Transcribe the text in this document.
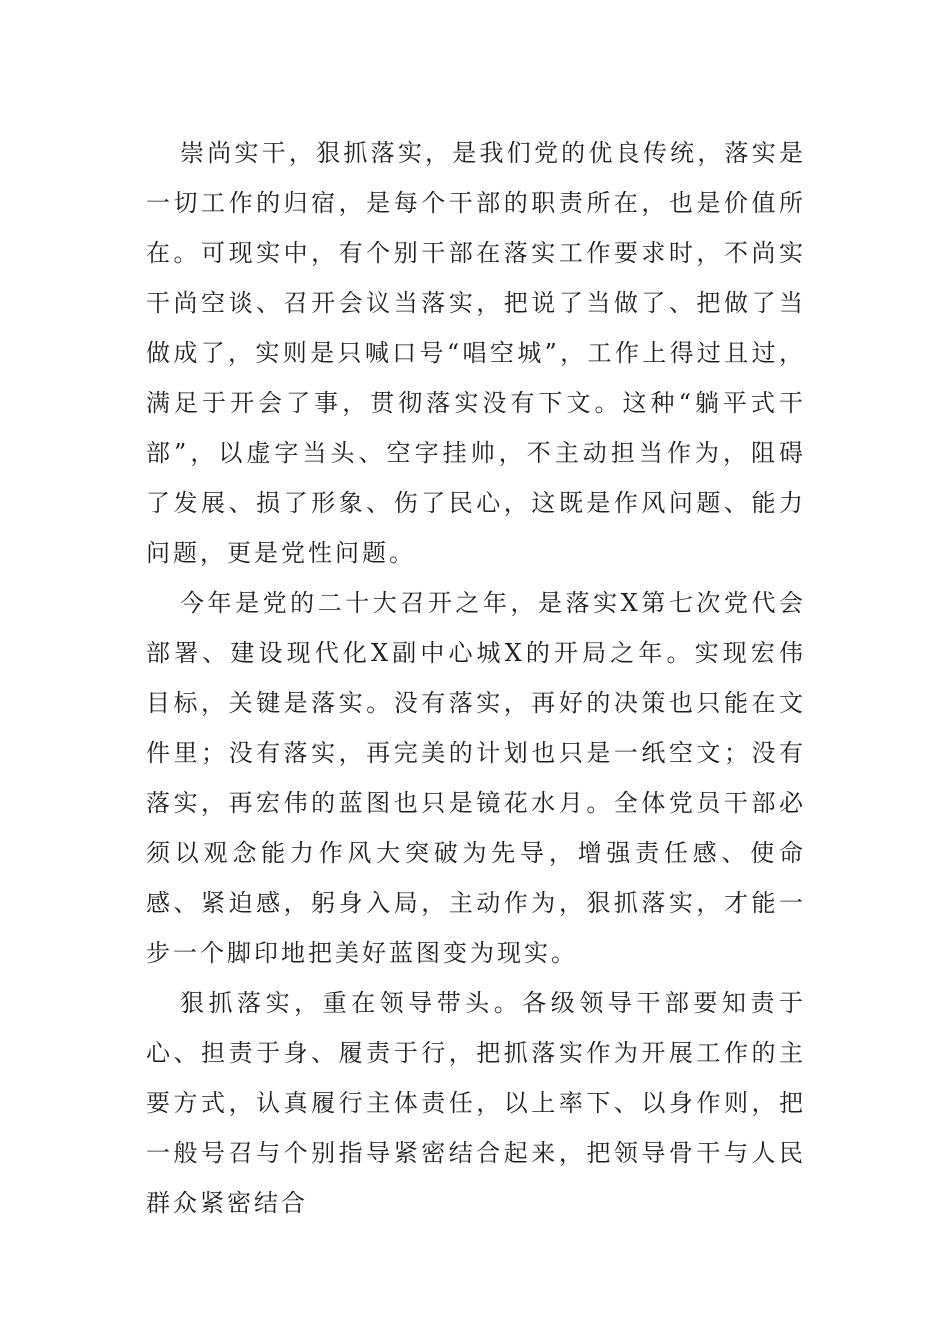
崇尚实干，狠抓落实，是我们党的优良传统，落实是一切工作的归宿，是每个干部的职责所在，也是价值所在。可现实中，有个别干部在落实工作要求时，不尚实干尚空谈、召开会议当落实，把说了当做了、把做了当做成了，实则是只喊口号“唱空城”，工作上得过且过，满足于开会了事，贯彻落实没有下文。这种“躺平式干部”，以虚字当头、空字挂帅，不主动担当作为，阻碍了发展、损了形象、伤了民心，这既是作风问题、能力问题，更是党性问题。

今年是党的二十大召开之年，是落实X第七次党代会部署、建设现代化X副中心城X的开局之年。实现宏伟目标，关键是落实。没有落实，再好的决策也只能在文件里；没有落实，再完美的计划也只是一纸空文；没有落实，再宏伟的蓝图也只是镜花水月。全体党员干部必须以观念能力作风大突破为先导，增强责任感、使命感、紧迫感，躬身入局，主动作为，狠抓落实，才能一步一个脚印地把美好蓝图变为现实。

狠抓落实，重在领导带头。各级领导干部要知责于心、担责于身、履责于行，把抓落实作为开展工作的主要方式，认真履行主体责任，以上率下、以身作则，把一般号召与个别指导紧密结合起来，把领导骨干与人民群众紧密结合
